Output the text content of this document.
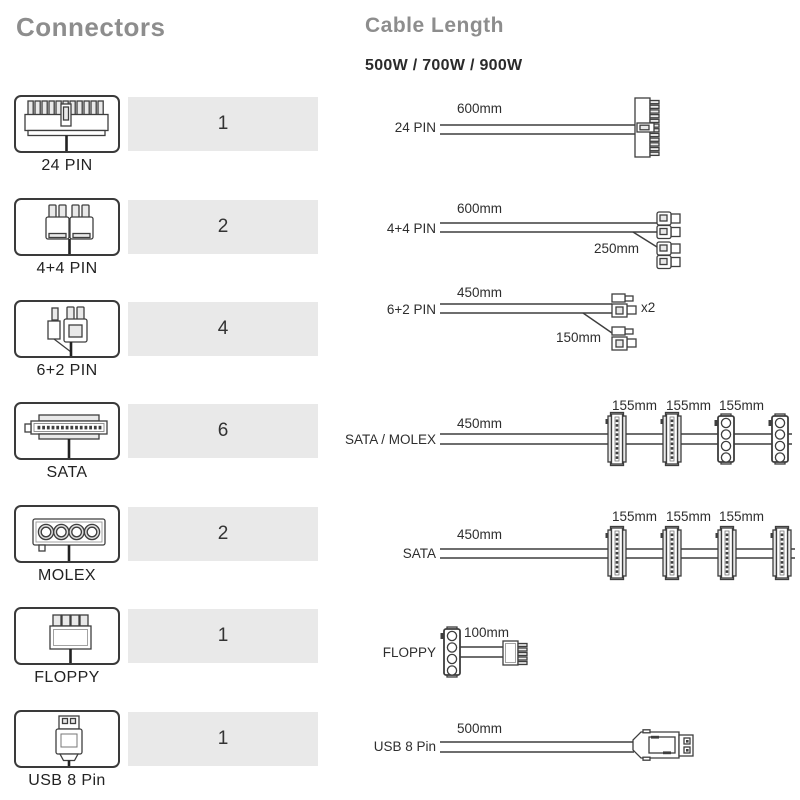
Connectors
1
24 PIN
2
4+4 PIN
4
6+2 PIN
6
SATA
2
MOLEX
1
FLOPPY
1
USB 8 Pin
Cable Length
500W / 700W / 900W
24 PIN
600mm
4+4 PIN
600mm
250mm
6+2 PIN
450mm
x2
150mm
SATA / MOLEX
450mm
155mm 155mm 155mm
SATA
450mm
155mm 155mm 155mm
FLOPPY
100mm
USB 8 Pin
500mm
